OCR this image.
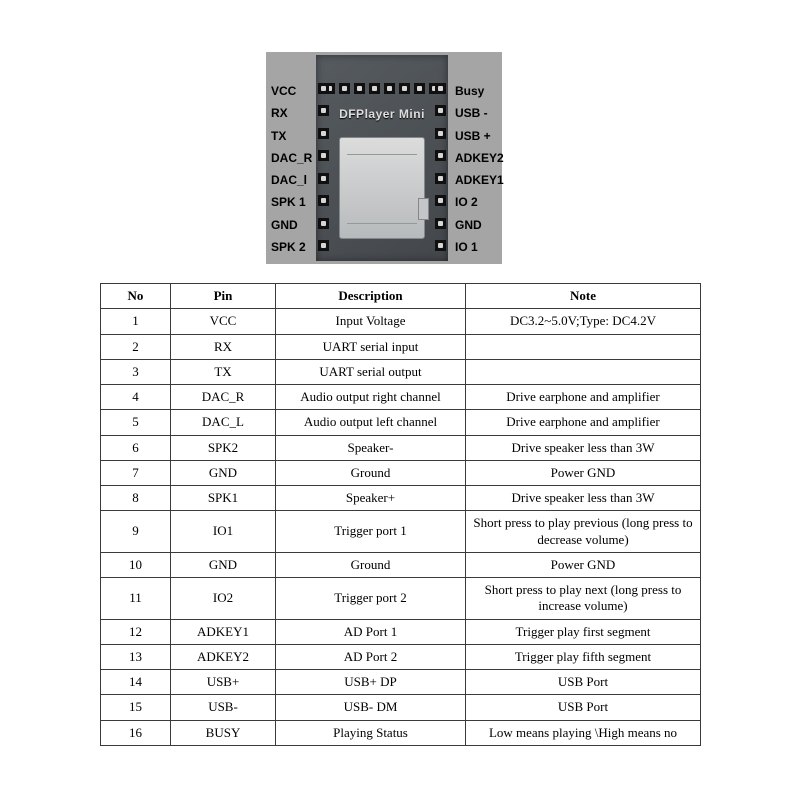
VCC
RX
TX
DAC_R
DAC_l
SPK 1
GND
SPK 2
DFPlayer Mini
Busy
USB -
USB +
ADKEY2
ADKEY1
IO 2
GND
IO 1
No	Pin	Description	Note
1	VCC	Input Voltage	DC3.2~5.0V;Type: DC4.2V
2	RX	UART serial input	
3	TX	UART serial output	
4	DAC_R	Audio output right channel	Drive earphone and amplifier
5	DAC_L	Audio output left channel	Drive earphone and amplifier
6	SPK2	Speaker-	Drive speaker less than 3W
7	GND	Ground	Power GND
8	SPK1	Speaker+	Drive speaker less than 3W
9	IO1	Trigger port 1	Short press to play previous (long press to decrease volume)
10	GND	Ground	Power GND
11	IO2	Trigger port 2	Short press to play next (long press to increase volume)
12	ADKEY1	AD Port 1	Trigger play first segment
13	ADKEY2	AD Port 2	Trigger play fifth segment
14	USB+	USB+ DP	USB Port
15	USB-	USB- DM	USB Port
16	BUSY	Playing Status	Low means playing \High means no
